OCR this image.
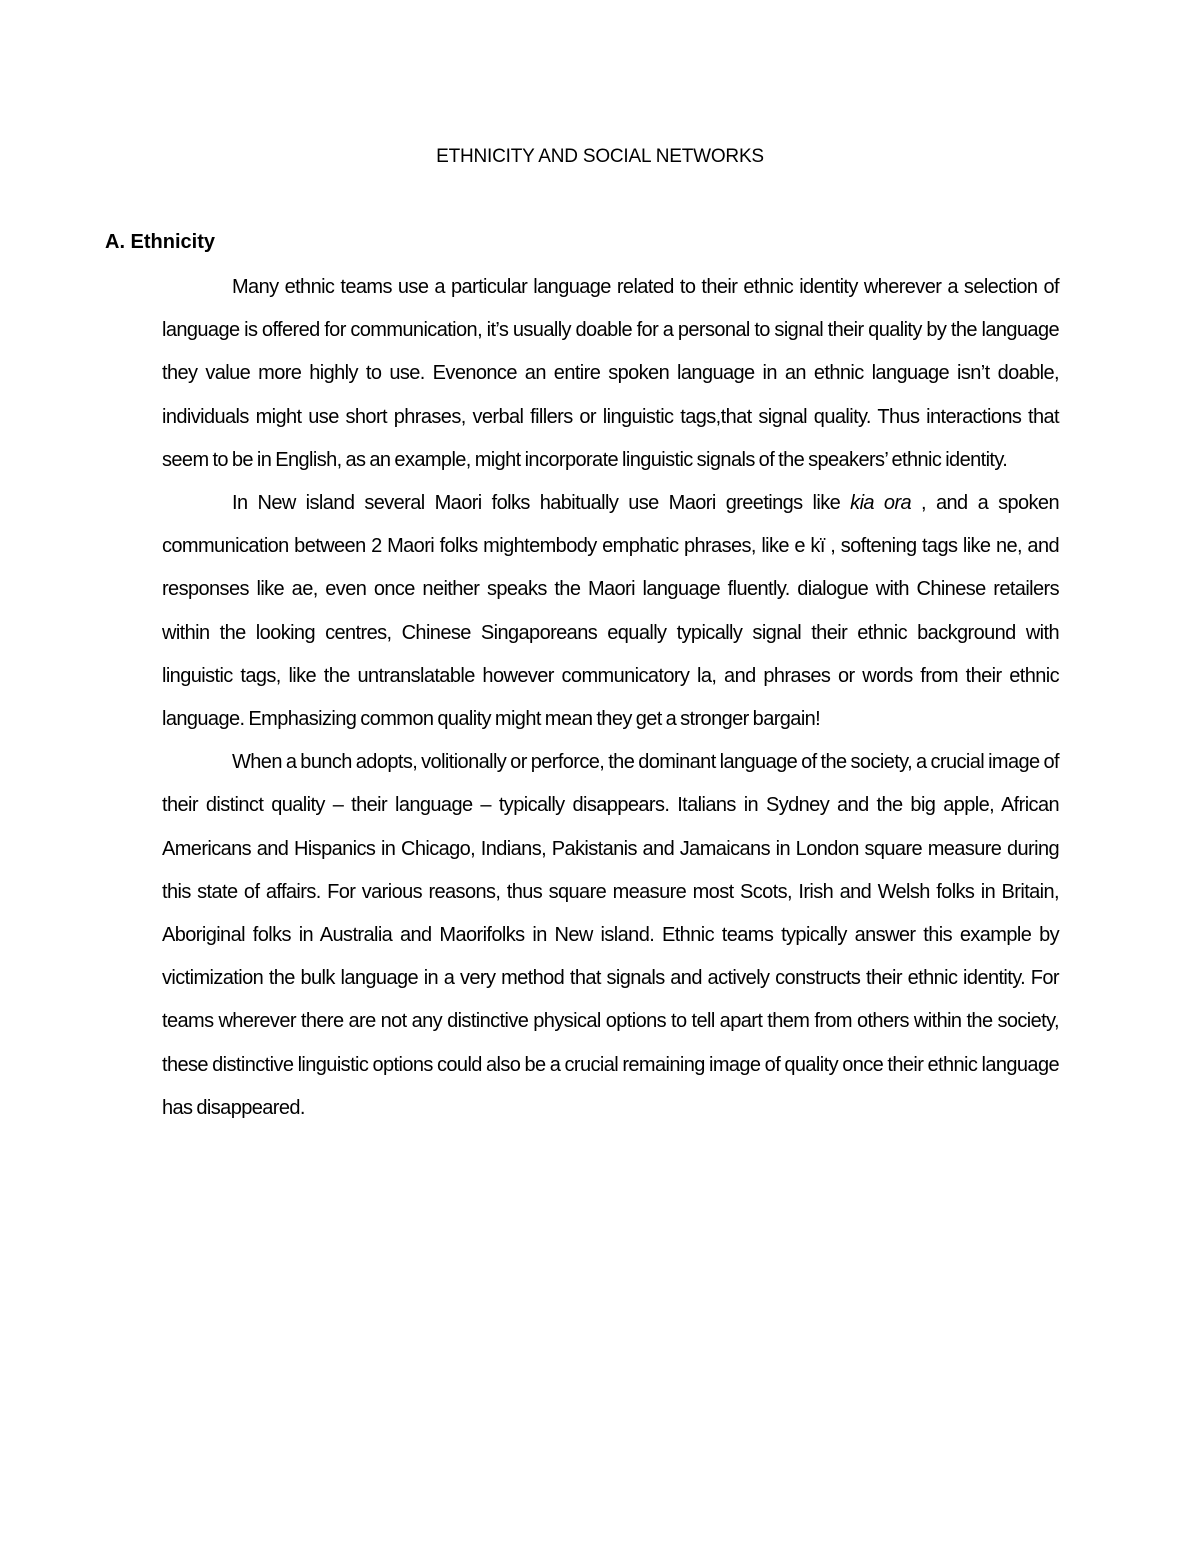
ETHNICITY AND SOCIAL NETWORKS
A. Ethnicity

Many ethnic teams use a particular language related to their ethnic identity wherever a selection of language is offered for communication, it’s usually doable for a personal to signal their quality by the language they value more highly to use. Evenonce an entire spoken language in an ethnic language isn’t doable, individuals might use short phrases, verbal fillers or linguistic tags,that signal quality. Thus interactions that seem to be in English, as an example, might incorporate linguistic signals of the speakers’ ethnic identity.

In New island several Maori folks habitually use Maori greetings like kia ora , and a spoken communication between 2 Maori folks mightembody emphatic phrases, like e kï , softening tags like ne, and responses like ae, even once neither speaks the Maori language fluently. dialogue with Chinese retailers within the looking centres, Chinese Singaporeans equally typically signal their ethnic background with linguistic tags, like the untranslatable however communicatory la, and phrases or words from their ethnic language. Emphasizing common quality might mean they get a stronger bargain!

When a bunch adopts, volitionally or perforce, the dominant language of the society, a crucial image of their distinct quality – their language – typically disappears. Italians in Sydney and the big apple, African Americans and Hispanics in Chicago, Indians, Pakistanis and Jamaicans in London square measure during this state of affairs. For various reasons, thus square measure most Scots, Irish and Welsh folks in Britain, Aboriginal folks in Australia and Maorifolks in New island. Ethnic teams typically answer this example by victimization the bulk language in a very method that signals and actively constructs their ethnic identity. For teams wherever there are not any distinctive physical options to tell apart them from others within the society, these distinctive linguistic options could also be a crucial remaining image of quality once their ethnic language has disappeared.
